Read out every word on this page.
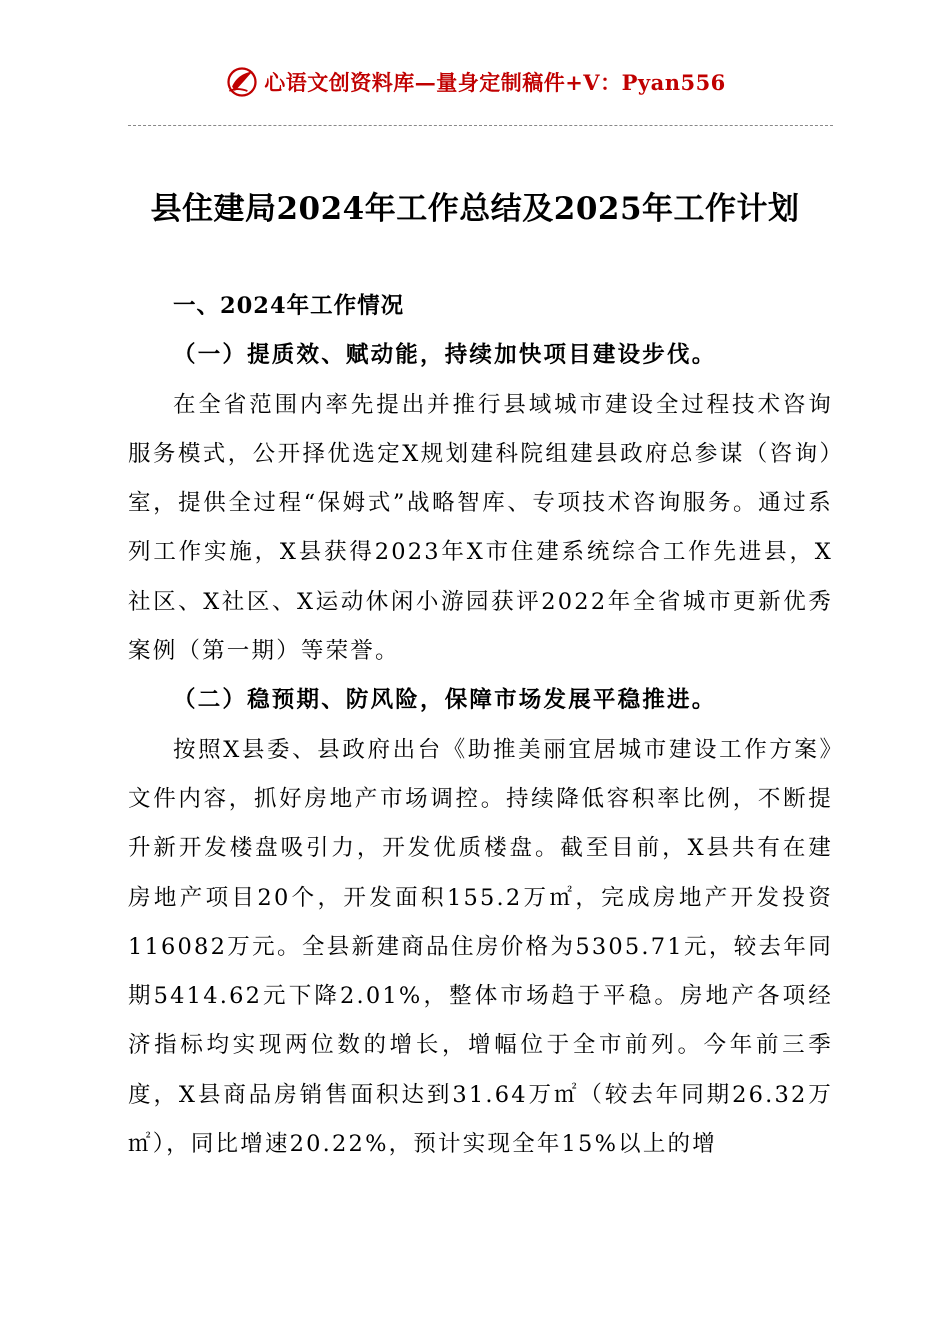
心语文创资料库—量身定制稿件+V：Pyan556
县住建局2024年工作总结及2025年工作计划

一、2024年工作情况

（一）提质效、赋动能，持续加快项目建设步伐。

在全省范围内率先提出并推行县域城市建设全过程技术咨询服务模式，公开择优选定X规划建科院组建县政府总参谋（咨询）室，提供全过程“保姆式”战略智库、专项技术咨询服务。通过系列工作实施，X县获得2023年X市住建系统综合工作先进县，X社区、X社区、X运动休闲小游园获评2022年全省城市更新优秀案例（第一期）等荣誉。

（二）稳预期、防风险，保障市场发展平稳推进。

按照X县委、县政府出台《助推美丽宜居城市建设工作方案》文件内容，抓好房地产市场调控。持续降低容积率比例，不断提升新开发楼盘吸引力，开发优质楼盘。截至目前，X县共有在建房地产项目20个，开发面积155.2万㎡，完成房地产开发投资116082万元。全县新建商品住房价格为5305.71元，较去年同期5414.62元下降2.01%，整体市场趋于平稳。房地产各项经济指标均实现两位数的增长，增幅位于全市前列。今年前三季度，X县商品房销售面积达到31.64万㎡（较去年同期26.32万㎡），同比增速20.22%，预计实现全年15%以上的增
